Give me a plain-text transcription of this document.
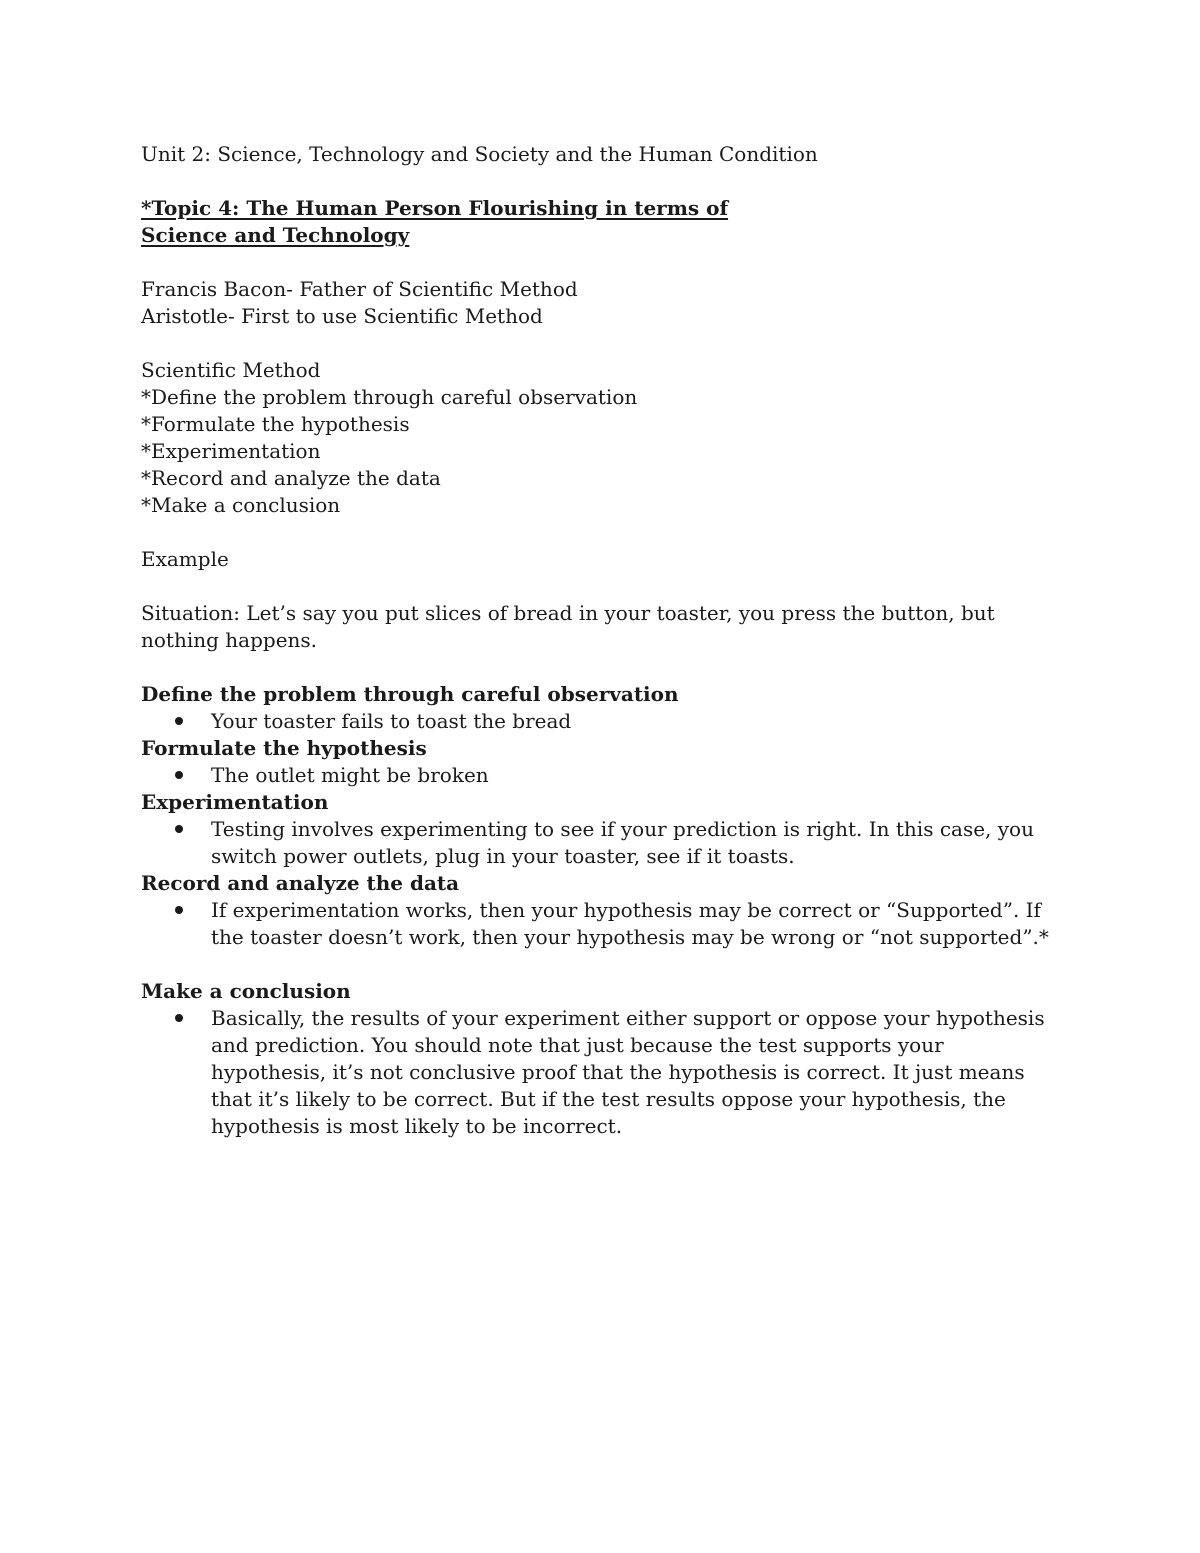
Unit 2: Science, Technology and Society and the Human Condition

*Topic 4: The Human Person Flourishing in terms of Science and Technology

Francis Bacon- Father of Scientific Method

Aristotle- First to use Scientific Method

Scientific Method

*Define the problem through careful observation

*Formulate the hypothesis

*Experimentation

*Record and analyze the data

*Make a conclusion

Example

Situation: Let’s say you put slices of bread in your toaster, you press the button, but nothing happens.

Define the problem through careful observation

Your toaster fails to toast the bread

Formulate the hypothesis

The outlet might be broken

Experimentation

Testing involves experimenting to see if your prediction is right. In this case, you switch power outlets, plug in your toaster, see if it toasts.

Record and analyze the data

If experimentation works, then your hypothesis may be correct or “Supported”. If the toaster doesn’t work, then your hypothesis may be wrong or “not supported”.*

Make a conclusion

Basically, the results of your experiment either support or oppose your hypothesis and prediction. You should note that just because the test supports your hypothesis, it’s not conclusive proof that the hypothesis is correct. It just means that it’s likely to be correct. But if the test results oppose your hypothesis, the hypothesis is most likely to be incorrect.
